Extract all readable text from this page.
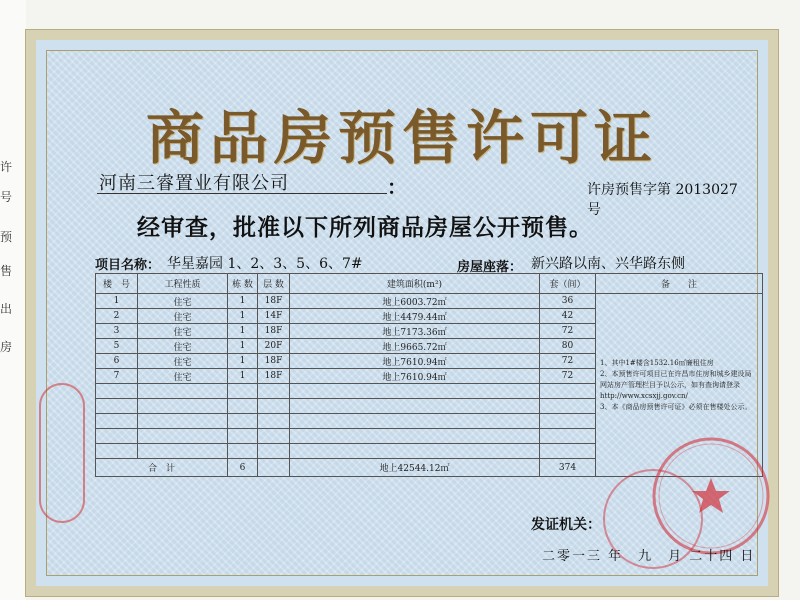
许
号
预
售
出
房
商品房预售许可证
河南三睿置业有限公司	：	许房预售字第 2013027　号
经审查，批准以下所列商品房屋公开预售。
项目名称： 华星嘉园 1、2、3、5、6、7#	房屋座落： 新兴路以南、兴华路东侧
楼　号	工程性质	栋 数	层 数	建筑面积(m²)	套（间）	备　　注
1	住宅	1	18F	地上6003.72㎡	36	1、其中1#楼含1532.16㎡廉租住房
2、本预售许可项目已在许昌市住房和城乡建设局网站房产管理栏目予以公示，如有查询请登录
http://www.xcsxjj.gov.cn/
3、本《商品房预售许可证》必须在售楼处公示。

2	住宅	1	14F	地上4479.44㎡	42	
3	住宅	1	18F	地上7173.36㎡	72	
5	住宅	1	20F	地上9665.72㎡	80	
6	住宅	1	18F	地上7610.94㎡	72	
7	住宅	1	18F	地上7610.94㎡	72	

合　计		6		地上42544.12㎡	374	
发证机关：
二零一三 年　九　月 二十四 日
